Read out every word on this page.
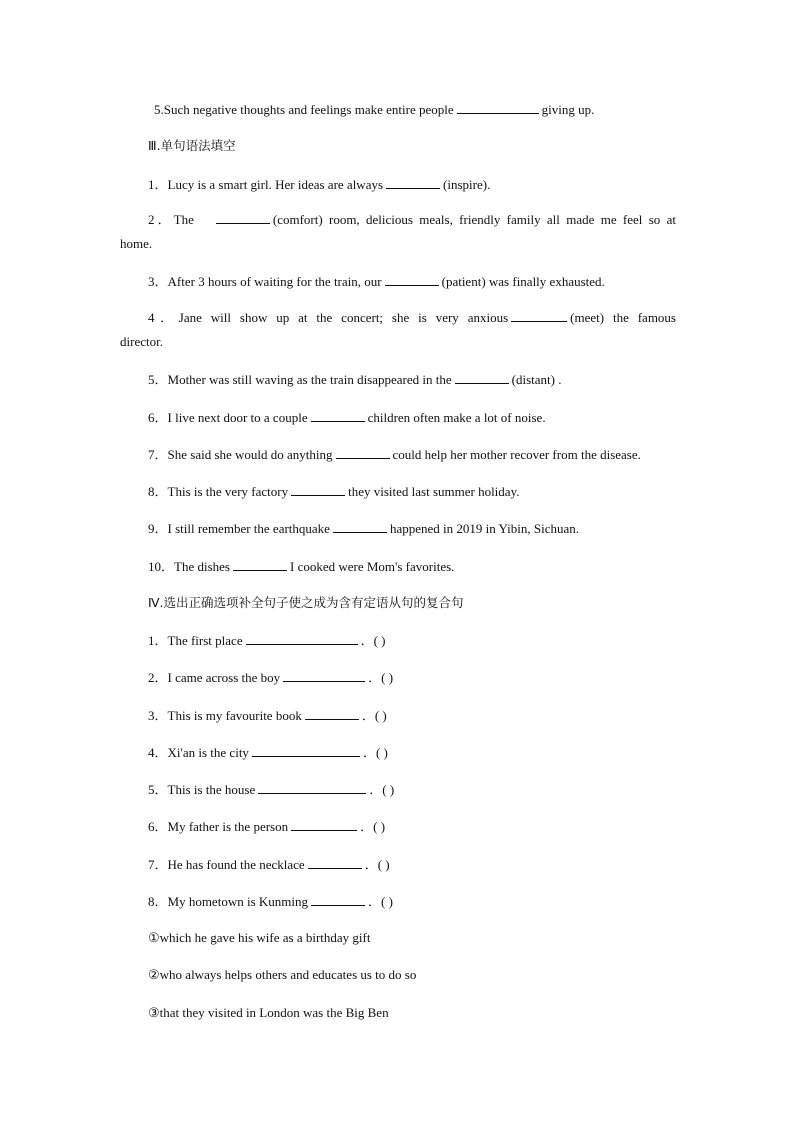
5.Such negative thoughts and feelings make entire people	giving up.
Ⅲ.单句语法填空
1．Lucy is a smart girl. Her ideas are always	(inspire).
2．The	(comfort) room, delicious meals, friendly family all made me feel so at
home.
3．After 3 hours of waiting for the train, our	(patient) was finally exhausted.
4．Jane will show up at the concert; she is very anxious	(meet) the famous
director.
5．Mother was still waving as the train disappeared in the	(distant) .
6．I live next door to a couple	children often make a lot of noise.
7．She said she would do anything	could help her mother recover from the disease.
8．This is the very factory	they visited last summer holiday.
9．I still remember the earthquake	happened in 2019 in Yibin, Sichuan.
10．The dishes	I cooked were Mom's favorites.
Ⅳ.选出正确选项补全句子使之成为含有定语从句的复合句
1．The first place	．( )
2．I came across the boy	．( )
3．This is my favourite book	．( )
4．Xi'an is the city	．( )
5．This is the house	．( )
6．My father is the person	．( )
7．He has found the necklace	．( )
8．My hometown is Kunming	．( )
①which he gave his wife as a birthday gift
②who always helps others and educates us to do so
③that they visited in London was the Big Ben
